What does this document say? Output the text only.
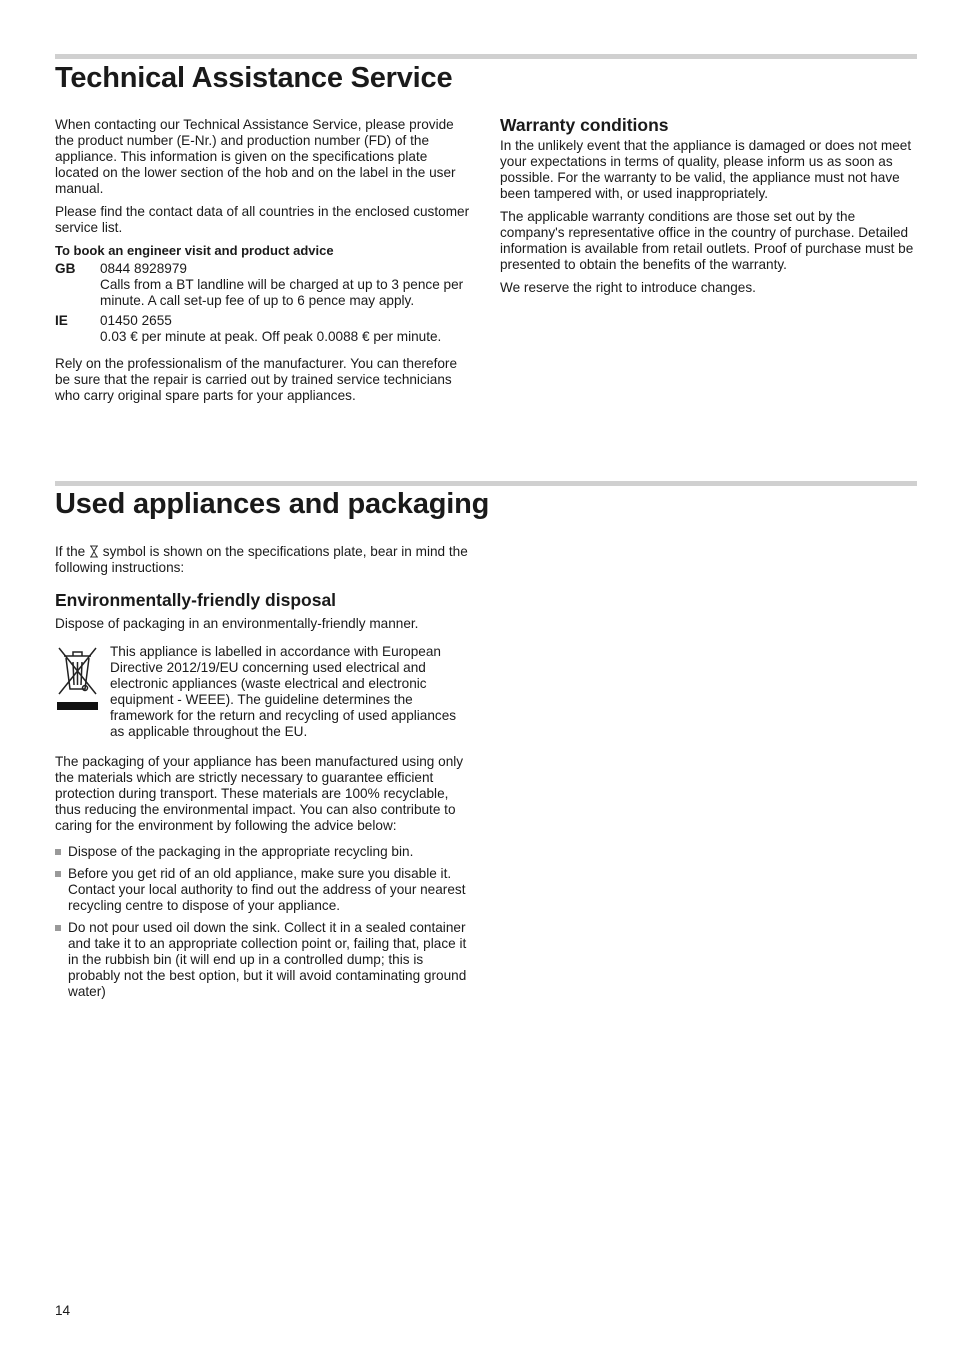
Technical Assistance Service

When contacting our Technical Assistance Service, please provide the product number (E-Nr.) and production number (FD) of the appliance. This information is given on the specifications plate located on the lower section of the hob and on the label in the user manual.

Please find the contact data of all countries in the enclosed customer service list.

To book an engineer visit and product advice
GB	0844 8928979
Calls from a BT landline will be charged at up to 3 pence per minute. A call set-up fee of up to 6 pence may apply.
IE	01450 2655
0.03 € per minute at peak. Off peak 0.0088 € per minute.

Rely on the professionalism of the manufacturer. You can therefore be sure that the repair is carried out by trained service technicians who carry original spare parts for your appliances.

Warranty conditions

In the unlikely event that the appliance is damaged or does not meet your expectations in terms of quality, please inform us as soon as possible. For the warranty to be valid, the appliance must not have been tampered with, or used inappropriately.

The applicable warranty conditions are those set out by the company's representative office in the country of purchase. Detailed information is available from retail outlets. Proof of purchase must be presented to obtain the benefits of the warranty.

We reserve the right to introduce changes.

Used appliances and packaging

If the symbol is shown on the specifications plate, bear in mind the following instructions:

Environmentally-friendly disposal

Dispose of packaging in an environmentally-friendly manner.

This appliance is labelled in accordance with European Directive 2012/19/EU concerning used electrical and electronic appliances (waste electrical and electronic equipment - WEEE). The guideline determines the framework for the return and recycling of used appliances as applicable throughout the EU.

The packaging of your appliance has been manufactured using only the materials which are strictly necessary to guarantee efficient protection during transport. These materials are 100% recyclable, thus reducing the environmental impact. You can also contribute to caring for the environment by following the advice below:

Dispose of the packaging in the appropriate recycling bin.
Before you get rid of an old appliance, make sure you disable it. Contact your local authority to find out the address of your nearest recycling centre to dispose of your appliance.
Do not pour used oil down the sink. Collect it in a sealed container and take it to an appropriate collection point or, failing that, place it in the rubbish bin (it will end up in a controlled dump; this is probably not the best option, but it will avoid contaminating ground water)
14
